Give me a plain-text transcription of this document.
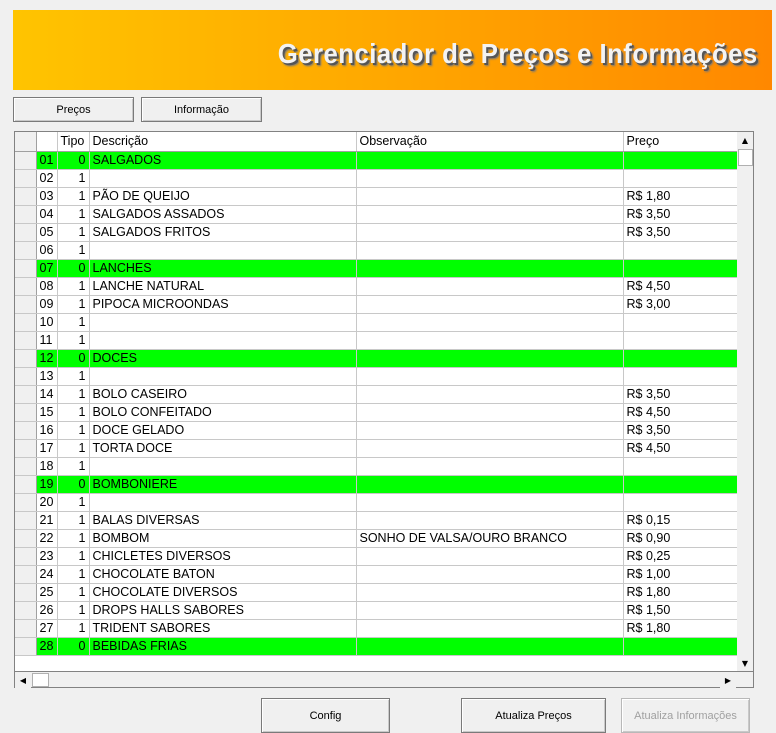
Gerenciador de Preços e Informações
Preços	Informação
		Tipo	Descrição	Observação	Preço
	01	0	SALGADOS		
	02	1			
	03	1	PÃO DE QUEIJO		R$ 1,80
	04	1	SALGADOS ASSADOS		R$ 3,50
	05	1	SALGADOS FRITOS		R$ 3,50
	06	1			
	07	0	LANCHES		
	08	1	LANCHE NATURAL		R$ 4,50
	09	1	PIPOCA MICROONDAS		R$ 3,00
	10	1			
	11	1			
	12	0	DOCES		
	13	1			
	14	1	BOLO CASEIRO		R$ 3,50
	15	1	BOLO CONFEITADO		R$ 4,50
	16	1	DOCE GELADO		R$ 3,50
	17	1	TORTA DOCE		R$ 4,50
	18	1			
	19	0	BOMBONIERE		
	20	1			
	21	1	BALAS DIVERSAS		R$ 0,15
	22	1	BOMBOM	SONHO DE VALSA/OURO BRANCO	R$ 0,90
	23	1	CHICLETES DIVERSOS		R$ 0,25
	24	1	CHOCOLATE BATON		R$ 1,00
	25	1	CHOCOLATE DIVERSOS		R$ 1,80
	26	1	DROPS HALLS SABORES		R$ 1,50
	27	1	TRIDENT SABORES		R$ 1,80
	28	0	BEBIDAS FRIAS		
▲
▼
◀	▶
Config	Atualiza Preços	Atualiza Informações
